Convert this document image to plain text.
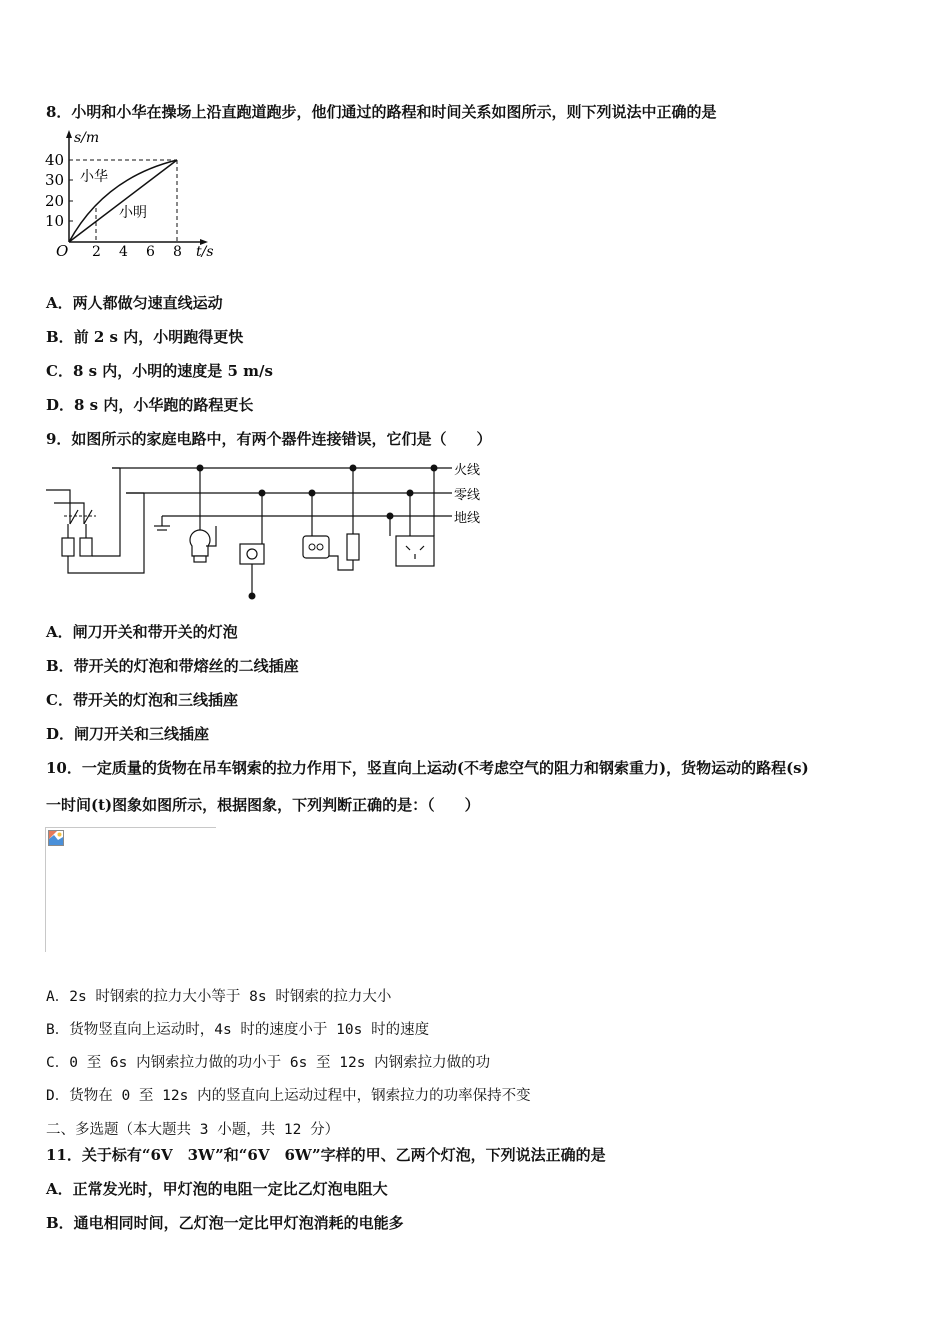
8．小明和小华在操场上沿直跑道跑步，他们通过的路程和时间关系如图所示，则下列说法中正确的是
s/m
40
30
20
10
O 2 4 6 8 t/s
小华
小明
A．两人都做匀速直线运动
B．前 2 s 内，小明跑得更快
C．8 s 内，小明的速度是 5 m/s
D．8 s 内，小华跑的路程更长
9．如图所示的家庭电路中，有两个器件连接错误，它们是（　　）
火线
零线
地线
A．闸刀开关和带开关的灯泡
B．带开关的灯泡和带熔丝的二线插座
C．带开关的灯泡和三线插座
D．闸刀开关和三线插座
10．一定质量的货物在吊车钢索的拉力作用下，竖直向上运动(不考虑空气的阻力和钢索重力)，货物运动的路程(s)
一时间(t)图象如图所示，根据图象，下列判断正确的是：（　　）
A．2s 时钢索的拉力大小等于 8s 时钢索的拉力大小
B．货物竖直向上运动时，4s 时的速度小于 10s 时的速度
C．0 至 6s 内钢索拉力做的功小于 6s 至 12s 内钢索拉力做的功
D．货物在 0 至 12s 内的竖直向上运动过程中，钢索拉力的功率保持不变
二、多选题（本大题共 3 小题，共 12 分）
11．关于标有“6V　3W”和“6V　6W”字样的甲、乙两个灯泡，下列说法正确的是
A．正常发光时，甲灯泡的电阻一定比乙灯泡电阻大
B．通电相同时间，乙灯泡一定比甲灯泡消耗的电能多
